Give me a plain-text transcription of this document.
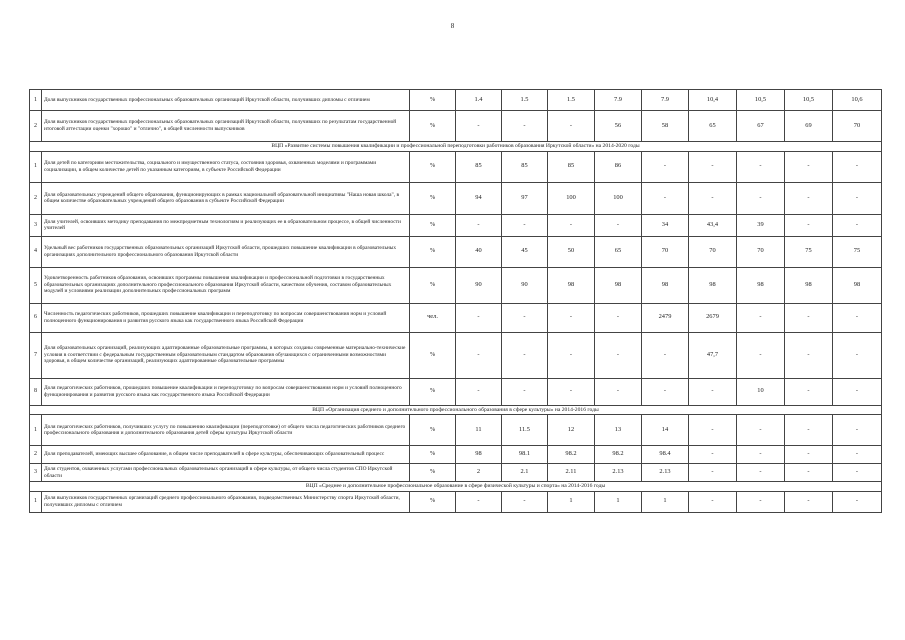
8
1	Доля выпускников государственных профессиональных образовательных организаций Иркутской области, получивших дипломы с отличием	%	1.4	1.5	1.5	7.9	7.9	10,4	10,5	10,5	10,6
2	Доля выпускников государственных профессиональных образовательных организаций Иркутской области, получивших по результатам государственной итоговой аттестации оценки "хорошо" и "отлично", в общей численности выпускников	%	-	-	-	56	58	65	67	69	70
ВЦП «Развитие системы повышения квалификации и профессиональной переподготовки работников образования Иркутской области» на 2014-2020 годы											
1	Доля детей по категориям местожительства, социального и имущественного статуса, состояния здоровья, охваченных моделями и программами социализации, в общем количестве детей по указанным категориям, в субъекте Российской Федерации	%	85	85	85	86	-	-	-	-	-
2	Доля образовательных учреждений общего образования, функционирующих в рамках национальной образовательной инициативы "Наша новая школа", в общем количестве образовательных учреждений общего образования в субъекте Российской Федерации	%	94	97	100	100	-	-	-	-	-
3	Доля учителей, освоивших методику преподавания по межпредметным технологиям и реализующих ее в образовательном процессе, в общей численности учителей	%	-	-	-	-	34	43,4	39	-	-
4	Удельный вес работников государственных образовательных организаций Иркутской области, прошедших повышение квалификации в образовательных организациях дополнительного профессионального образования Иркутской области	%	40	45	50	65	70	70	70	75	75
5	Удовлетворенность работников образования, освоивших программы повышения квалификации и профессиональной подготовки в государственных образовательных организациях дополнительного профессионального образования Иркутской области, качеством обучения, составом образовательных модулей и условиями реализации дополнительных профессиональных программ	%	90	90	98	98	98	98	98	98	98
6	Численность педагогических работников, прошедших повышение квалификации и переподготовку по вопросам совершенствования норм и условий полноценного функционирования и развития русского языка как государственного языка Российской Федерации	чел.	-	-	-	-	2479	2679	-	-	-
7	Доля образовательных организаций, реализующих адаптированные образовательные программы, в которых созданы современные материально-технические условия в соответствии с федеральным государственным образовательным стандартом образования обучающихся с ограниченными возможностями здоровья, в общем количестве организаций, реализующих адаптированные образовательные программы	%	-	-	-	-	-	47,7	-	-	-
8	Доля педагогических работников, прошедших повышение квалификации и переподготовку по вопросам совершенствования норм и условий полноценного функционирования и развития русского языка как государственного языка Российской Федерации	%	-	-	-	-	-	-	10	-	-
ВЦП «Организация среднего и дополнительного профессионального образования в сфере культуры» на 2014-2016 годы											
1	Доля педагогических работников, получивших услугу по повышению квалификации (переподготовке) от общего числа педагогических работников среднего профессионального образования и дополнительного образования детей сферы культуры Иркутской области	%	11	11.5	12	13	14	-	-	-	-
2	Доля преподавателей, имеющих высшее образование, в общем числе преподавателей в сфере культуры, обеспечивающих образовательный процесс	%	98	98.1	98.2	98.2	98.4	-	-	-	-
3	Доля студентов, охваченных услугами профессиональных образовательных организаций в сфере культуры, от общего числа студентов СПО Иркутской области	%	2	2.1	2.11	2.13	2.13	-	-	-	-
ВЦП «Среднее и дополнительное профессиональное образование в сфере физической культуры и спорта» на 2014-2016 годы											
1	Доля выпускников государственных организаций среднего профессионального образования, подведомственных Министерству спорта Иркутской области, получивших дипломы с отличием	%	-	-	1	1	1	-	-	-	-
